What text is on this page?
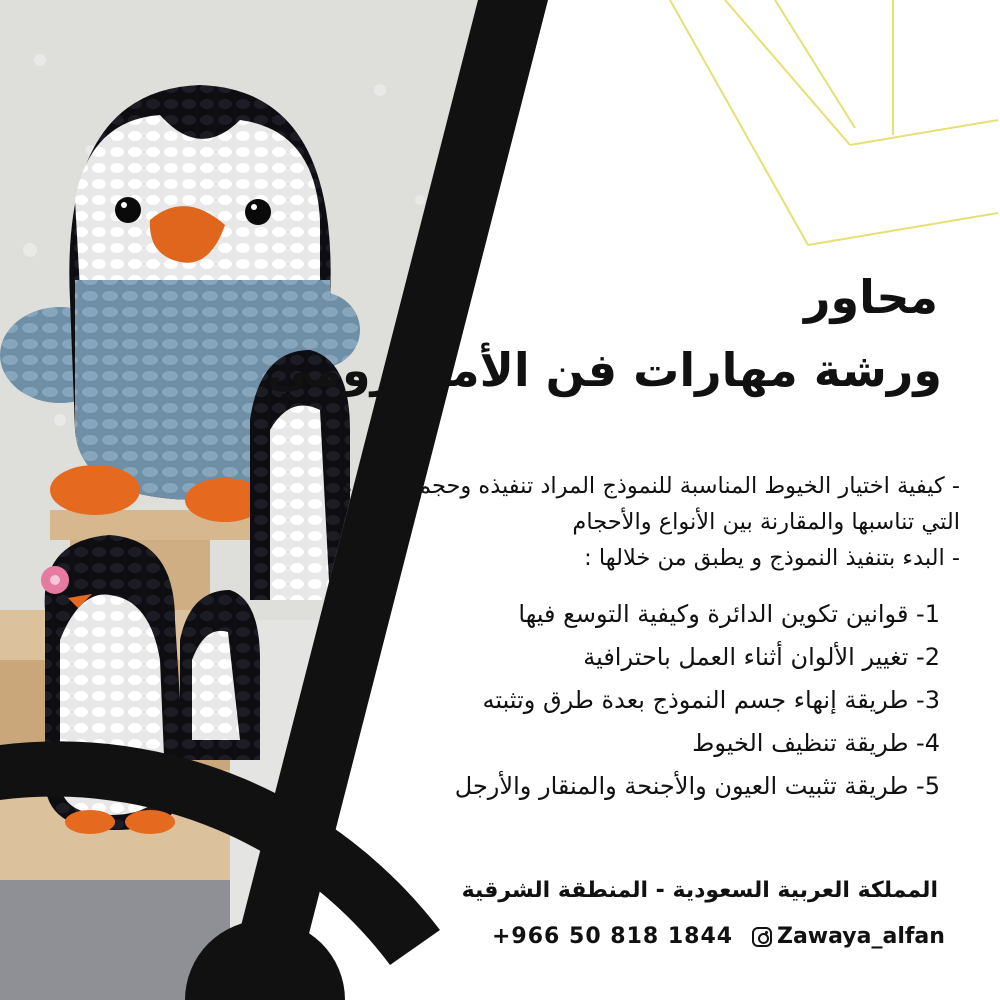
محاور
ورشة مهارات فن الأميجرومي

- كيفية اختيار الخيوط المناسبة للنموذج المراد تنفيذه وحجم السنارة التي تناسبها والمقارنة بين الأنواع والأحجام

- البدء بتنفيذ النموذج و يطبق من خلالها :

1- قوانين تكوين الدائرة وكيفية التوسع فيها
2- تغيير الألوان أثناء العمل باحترافية
3- طريقة إنهاء جسم النموذج بعدة طرق وتثبته
4- طريقة تنظيف الخيوط
5- طريقة تثبيت العيون والأجنحة والمنقار والأرجل
المملكة العربية السعودية - المنطقة الشرقية
+966 50 818 1844 Zawaya_alfan
